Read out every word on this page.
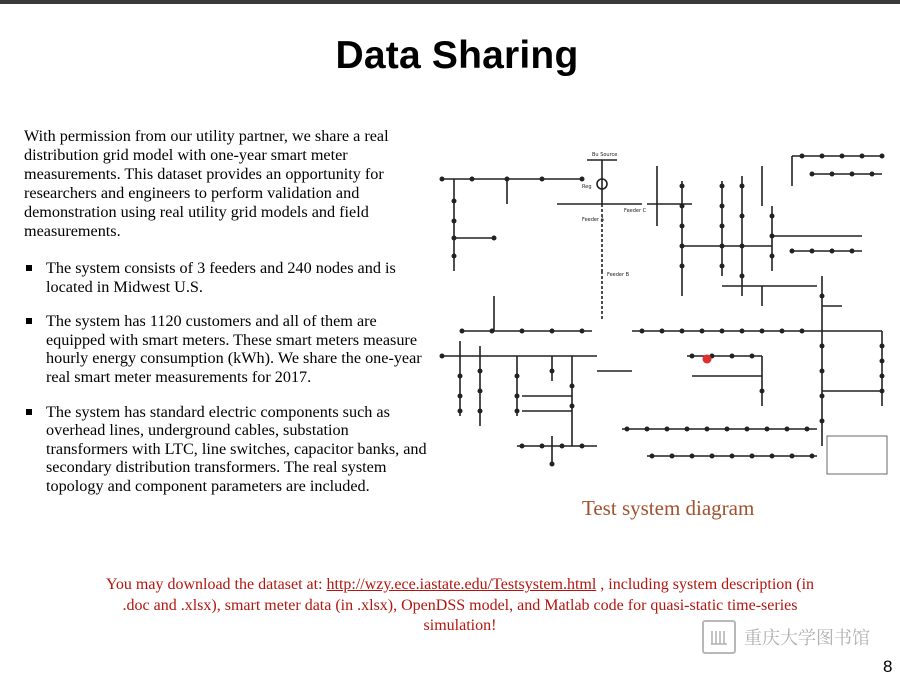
Data Sharing
With permission from our utility partner, we share a real distribution grid model with one-year smart meter measurements. This dataset provides an opportunity for researchers and engineers to perform validation and demonstration using real utility grid models and field measurements.
The system consists of 3 feeders and 240 nodes and is located in Midwest U.S.
The system has 1120 customers and all of them are equipped with smart meters. These smart meters measure hourly energy consumption (kWh). We share the one-year real smart meter measurements for 2017.
The system has standard electric components such as overhead lines, underground cables, substation transformers with LTC, line switches, capacitor banks, and secondary distribution transformers. The real system topology and component parameters are included.
Bu Source
Reg
Feeder A
Feeder B
Feeder C
Test system diagram
You may download the dataset at: http://wzy.ece.iastate.edu/Testsystem.html , including system description (in .doc and .xlsx), smart meter data (in .xlsx), OpenDSS model, and Matlab code for quasi-static time-series simulation!
重庆大学图书馆
8
